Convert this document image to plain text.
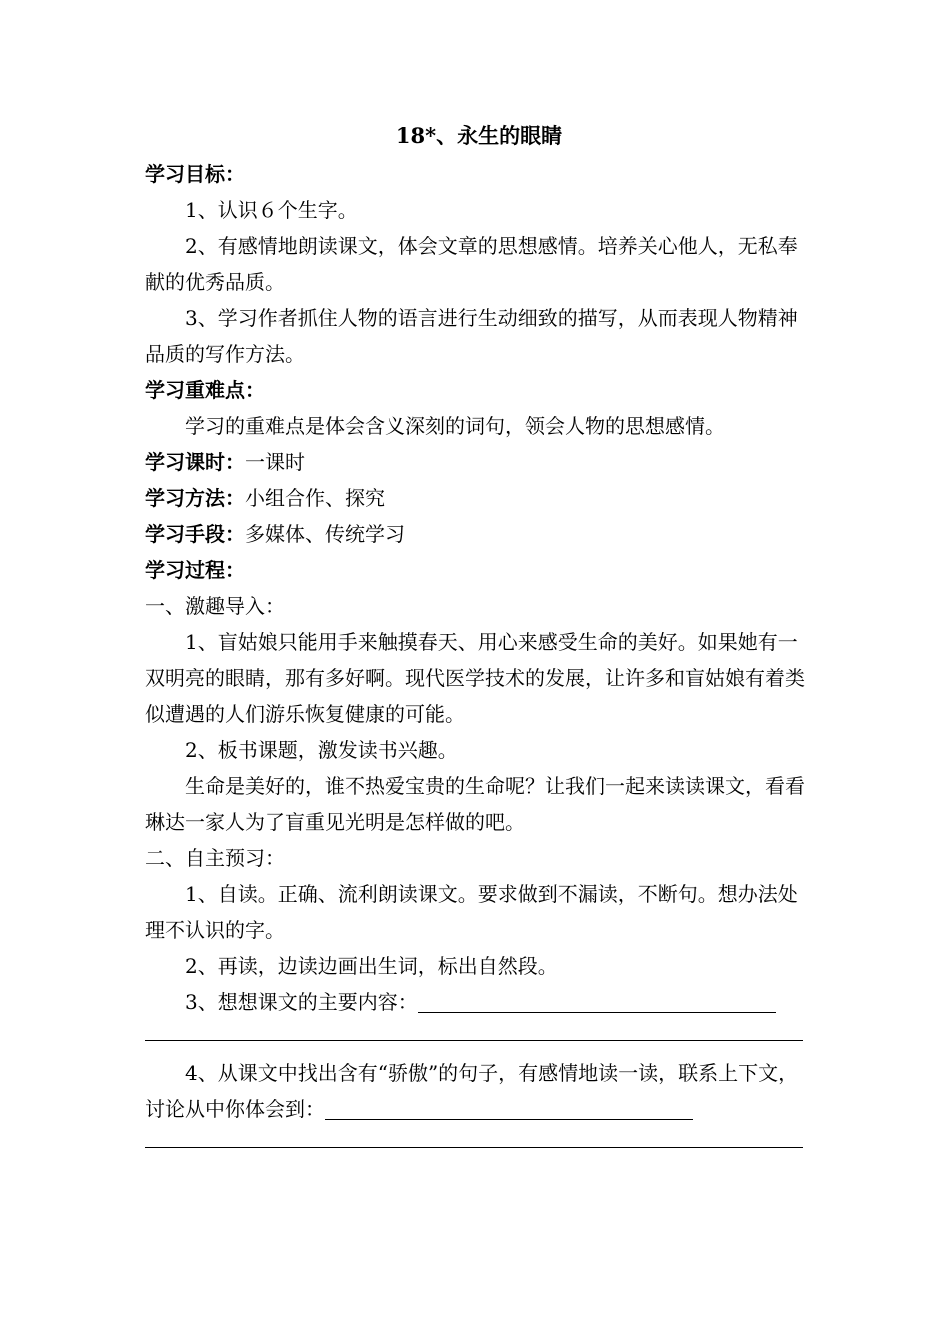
18*、永生的眼睛

学习目标：

1、认识６个生字。

2、有感情地朗读课文，体会文章的思想感情。培养关心他人，无私奉献的优秀品质。

3、学习作者抓住人物的语言进行生动细致的描写，从而表现人物精神品质的写作方法。

学习重难点：

学习的重难点是体会含义深刻的词句，领会人物的思想感情。

学习课时：一课时

学习方法：小组合作、探究

学习手段：多媒体、传统学习

学习过程：

一、激趣导入：

1、盲姑娘只能用手来触摸春天、用心来感受生命的美好。如果她有一双明亮的眼睛，那有多好啊。现代医学技术的发展，让许多和盲姑娘有着类似遭遇的人们游乐恢复健康的可能。

2、板书课题，激发读书兴趣。

生命是美好的，谁不热爱宝贵的生命呢？让我们一起来读读课文，看看琳达一家人为了盲重见光明是怎样做的吧。

二、自主预习：

1、自读。正确、流利朗读课文。要求做到不漏读，不断句。想办法处理不认识的字。

2、再读，边读边画出生词，标出自然段。

3、想想课文的主要内容：

4、从课文中找出含有“骄傲”的句子，有感情地读一读，联系上下文，讨论从中你体会到：
